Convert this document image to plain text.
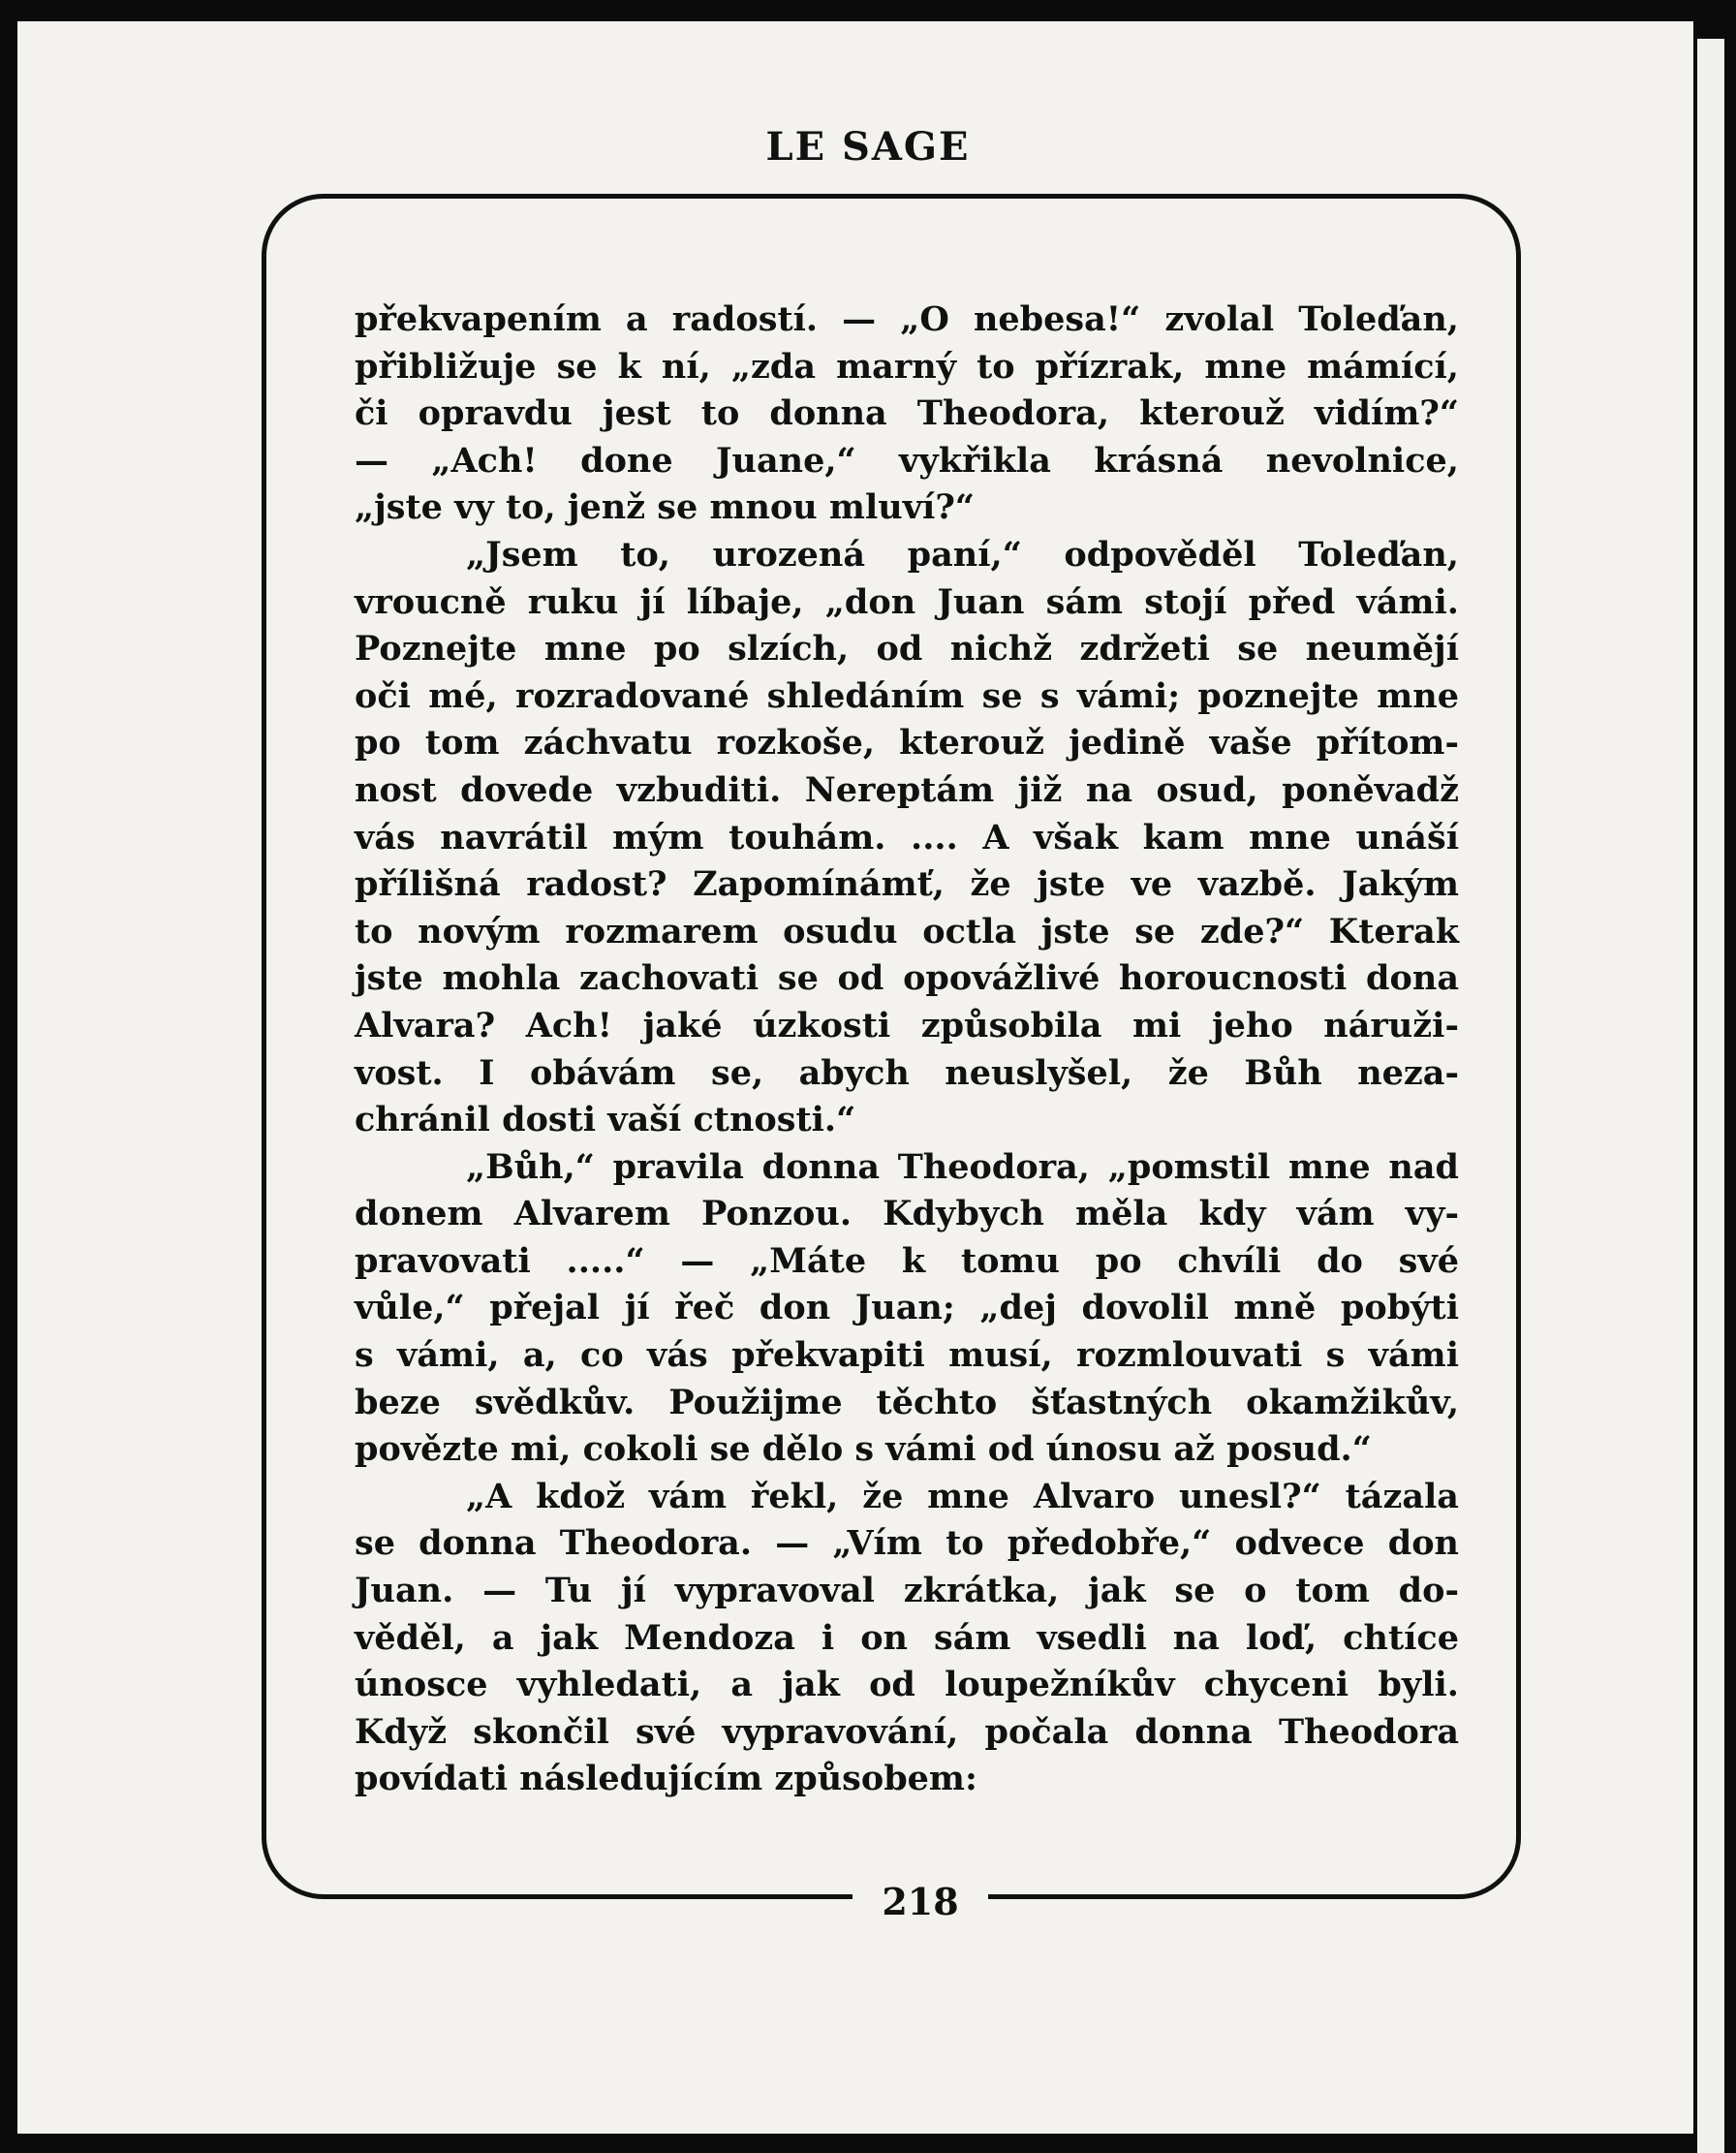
LE SAGE
218
překvapením a radostí. — „O nebesa!“ zvolal Toleďan,
přibližuje se k ní, „zda marný to přízrak, mne mámící,
či opravdu jest to donna Theodora, kterouž vidím?“
— „Ach! done Juane,“ vykřikla krásná nevolnice,
„jste vy to, jenž se mnou mluví?“
„Jsem to, urozená paní,“ odpověděl Toleďan,
vroucně ruku jí líbaje, „don Juan sám stojí před vámi.
Poznejte mne po slzích, od nichž zdržeti se neumějí
oči mé, rozradované shledáním se s vámi; poznejte mne
po tom záchvatu rozkoše, kterouž jedině vaše přítom-
nost dovede vzbuditi. Nereptám již na osud, poněvadž
vás navrátil mým touhám. .... A však kam mne unáší
přílišná radost? Zapomínámť, že jste ve vazbě. Jakým
to novým rozmarem osudu octla jste se zde?“ Kterak
jste mohla zachovati se od opovážlivé horoucnosti dona
Alvara? Ach! jaké úzkosti způsobila mi jeho náruži-
vost. I obávám se, abych neuslyšel, že Bůh neza-
chránil dosti vaší ctnosti.“
„Bůh,“ pravila donna Theodora, „pomstil mne nad
donem Alvarem Ponzou. Kdybych měla kdy vám vy-
pravovati .....“ — „Máte k tomu po chvíli do své
vůle,“ přejal jí řeč don Juan; „dej dovolil mně pobýti
s vámi, a, co vás překvapiti musí, rozmlouvati s vámi
beze svědkův. Použijme těchto šťastných okamžikův,
povězte mi, cokoli se dělo s vámi od únosu až posud.“
„A kdož vám řekl, že mne Alvaro unesl?“ tázala
se donna Theodora. — „Vím to předobře,“ odvece don
Juan. — Tu jí vypravoval zkrátka, jak se o tom do-
věděl, a jak Mendoza i on sám vsedli na loď, chtíce
únosce vyhledati, a jak od loupežníkův chyceni byli.
Když skončil své vypravování, počala donna Theodora
povídati následujícím způsobem:
